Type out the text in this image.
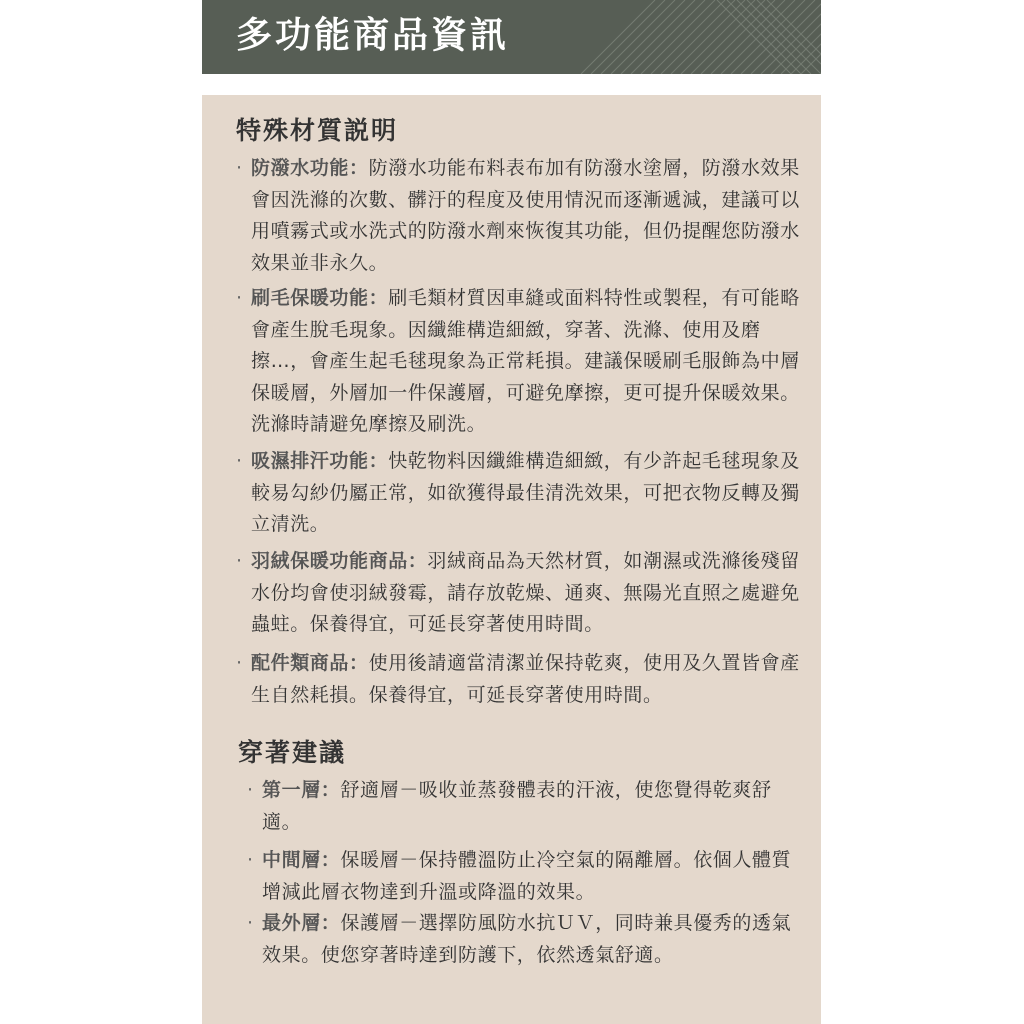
多功能商品資訊
特殊材質説明

· 防潑水功能：防潑水功能布料表布加有防潑水塗層，防潑水效果會因洗滌的次數、髒汙的程度及使用情況而逐漸遞減，建議可以用噴霧式或水洗式的防潑水劑來恢復其功能，但仍提醒您防潑水效果並非永久。

· 刷毛保暖功能：刷毛類材質因車縫或面料特性或製程，有可能略會產生脫毛現象。因纖維構造細緻，穿著、洗滌、使用及磨擦…，會產生起毛毬現象為正常耗損。建議保暖刷毛服飾為中層保暖層，外層加一件保護層，可避免摩擦，更可提升保暖效果。洗滌時請避免摩擦及刷洗。

· 吸濕排汗功能：快乾物料因纖維構造細緻，有少許起毛毬現象及較易勾紗仍屬正常，如欲獲得最佳清洗效果，可把衣物反轉及獨立清洗。

· 羽絨保暖功能商品：羽絨商品為天然材質，如潮濕或洗滌後殘留水份均會使羽絨發霉，請存放乾燥、通爽、無陽光直照之處避免蟲蛀。保養得宜，可延長穿著使用時間。

· 配件類商品：使用後請適當清潔並保持乾爽，使用及久置皆會產生自然耗損。保養得宜，可延長穿著使用時間。

穿著建議

· 第一層：舒適層－吸收並蒸發體表的汗液，使您覺得乾爽舒適。

· 中間層：保暖層－保持體溫防止冷空氣的隔離層。依個人體質增減此層衣物達到升溫或降溫的效果。

· 最外層：保護層－選擇防風防水抗ＵＶ，同時兼具優秀的透氣效果。使您穿著時達到防護下，依然透氣舒適。
